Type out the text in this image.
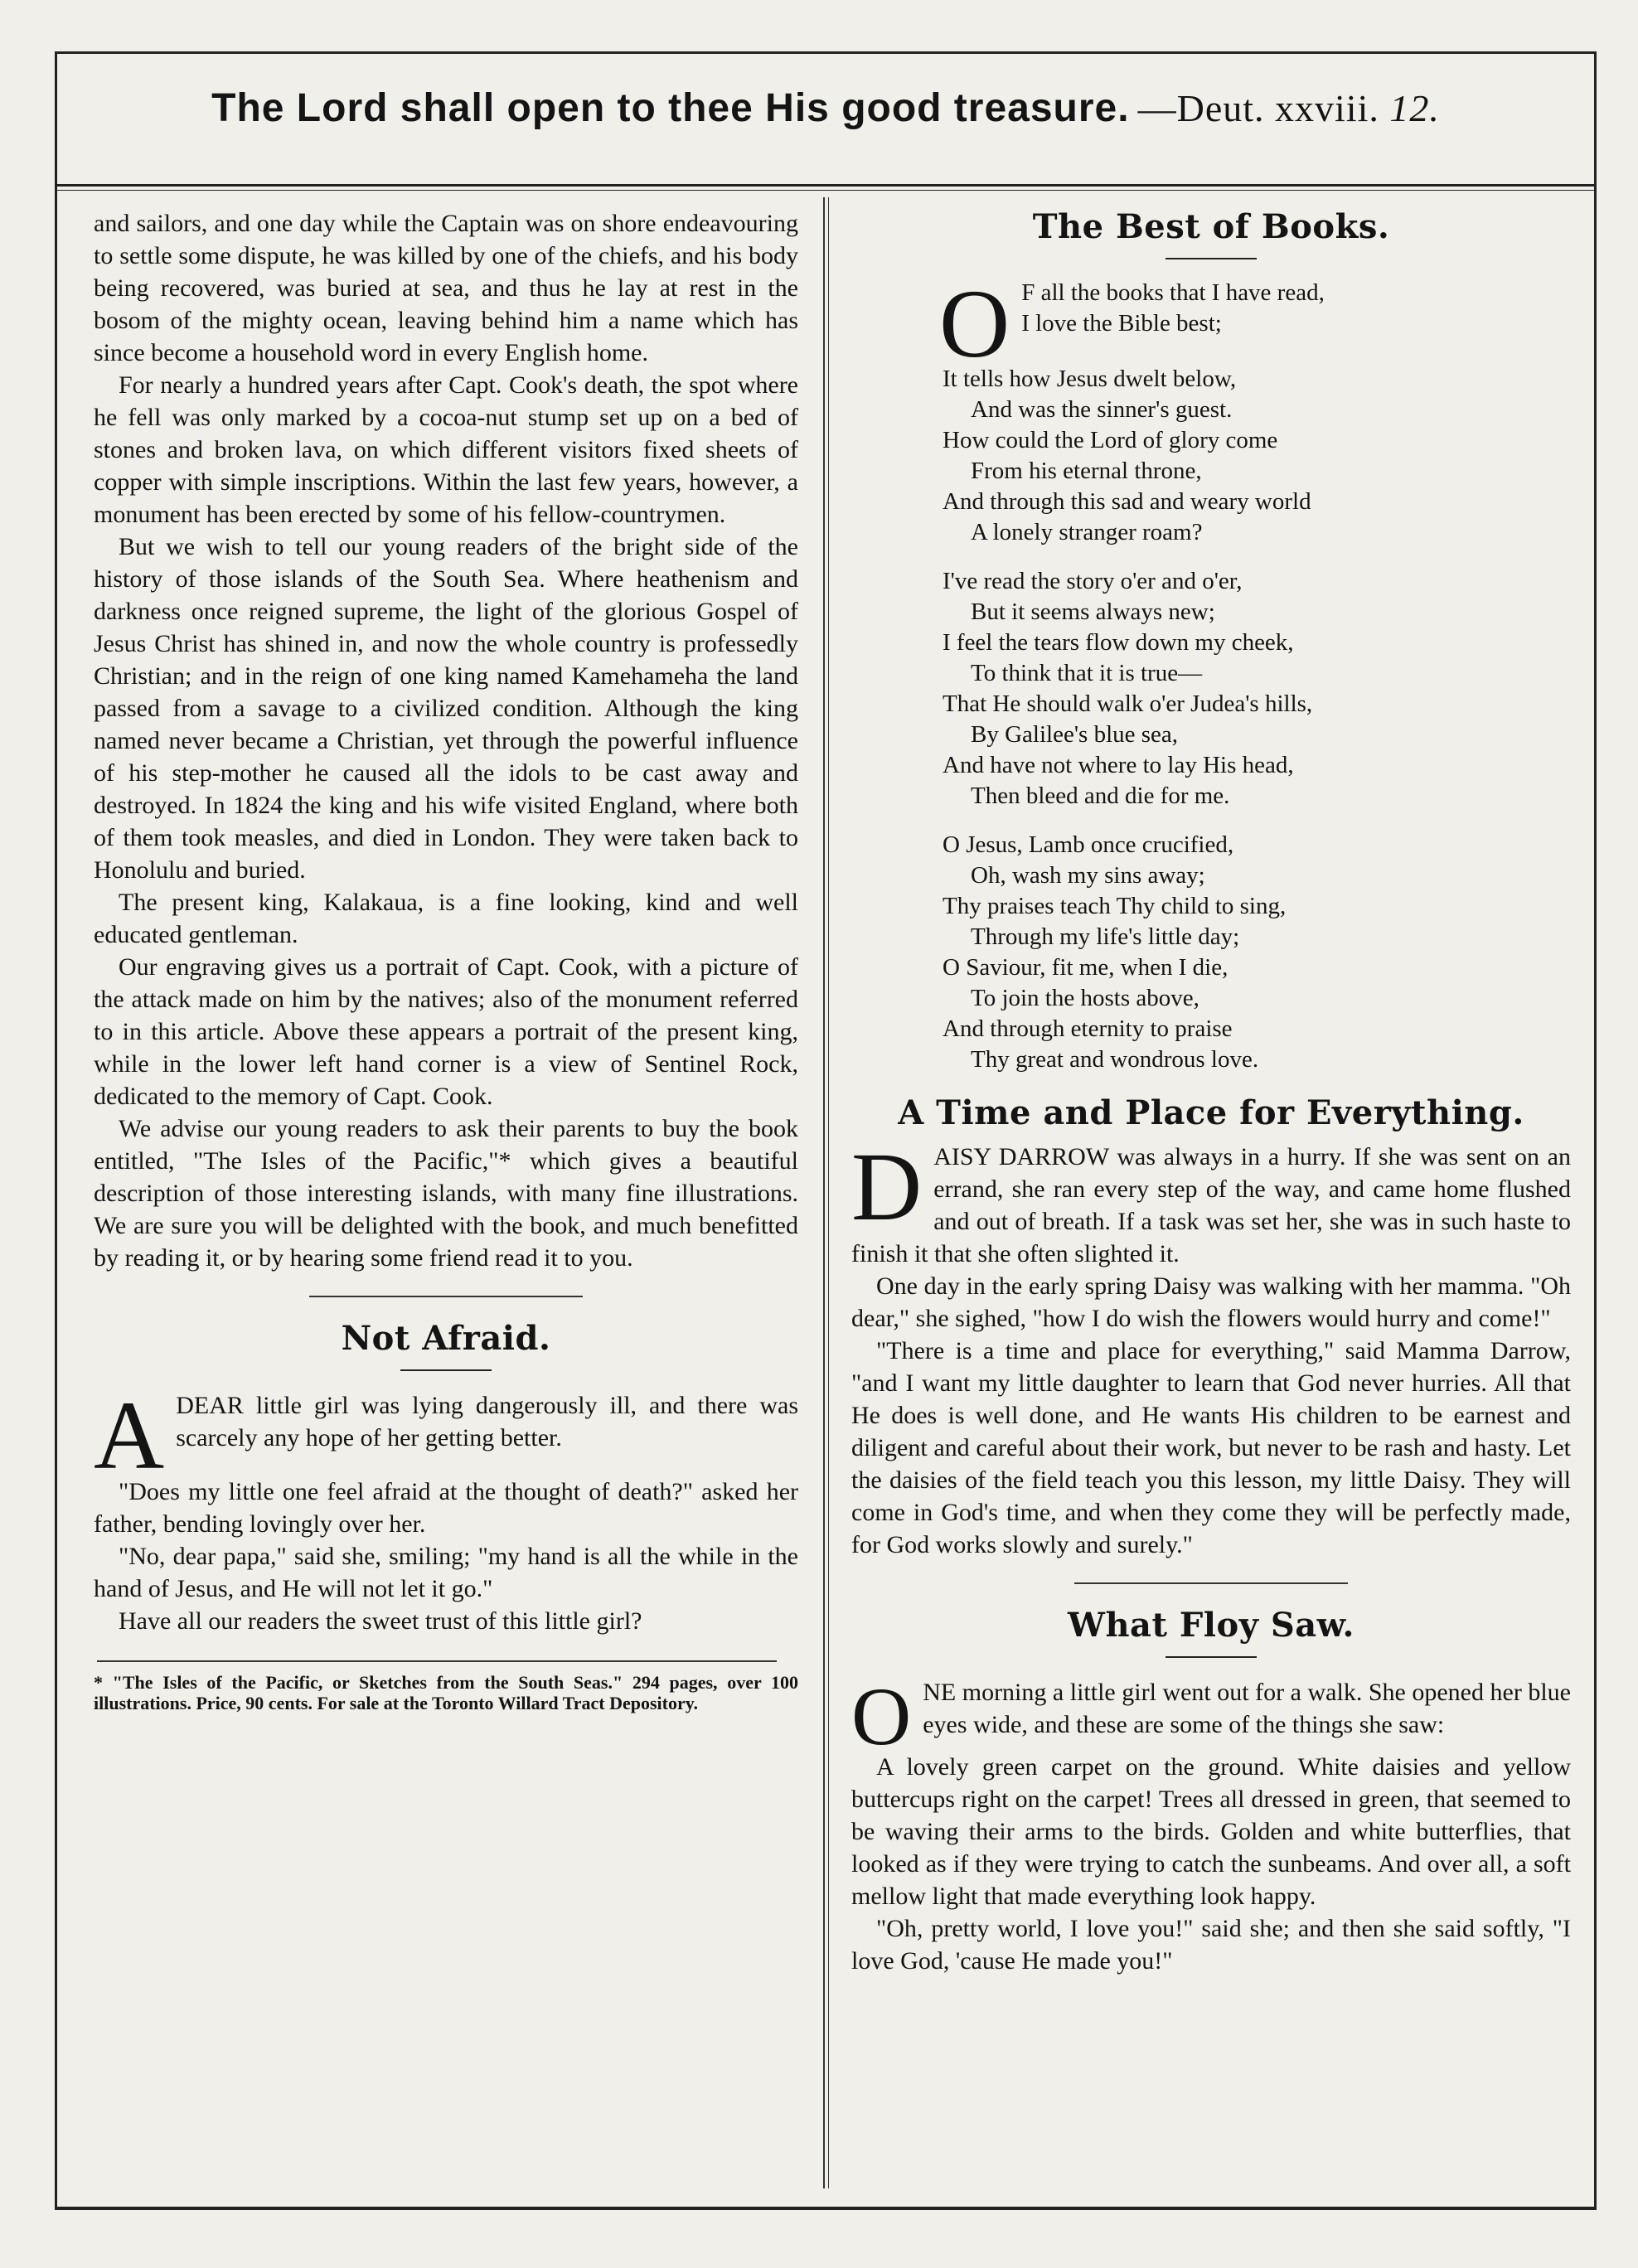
The Lord shall open to thee His good treasure. —Deut. xxviii. 12.

and sailors, and one day while the Captain was on shore endeavouring to settle some dispute, he was killed by one of the chiefs, and his body being recovered, was buried at sea, and thus he lay at rest in the bosom of the mighty ocean, leaving behind him a name which has since become a household word in every English home.

For nearly a hundred years after Capt. Cook's death, the spot where he fell was only marked by a cocoa-nut stump set up on a bed of stones and broken lava, on which different visitors fixed sheets of copper with simple inscriptions. Within the last few years, however, a monument has been erected by some of his fellow-countrymen.

But we wish to tell our young readers of the bright side of the history of those islands of the South Sea. Where heathenism and darkness once reigned supreme, the light of the glorious Gospel of Jesus Christ has shined in, and now the whole country is professedly Christian; and in the reign of one king named Kamehameha the land passed from a savage to a civilized condition. Although the king named never became a Christian, yet through the powerful influence of his step-mother he caused all the idols to be cast away and destroyed. In 1824 the king and his wife visited England, where both of them took measles, and died in London. They were taken back to Honolulu and buried.

The present king, Kalakaua, is a fine looking, kind and well educated gentleman.

Our engraving gives us a portrait of Capt. Cook, with a picture of the attack made on him by the natives; also of the monument referred to in this article. Above these appears a portrait of the present king, while in the lower left hand corner is a view of Sentinel Rock, dedicated to the memory of Capt. Cook.

We advise our young readers to ask their parents to buy the book entitled, "The Isles of the Pacific,"* which gives a beautiful description of those interesting islands, with many fine illustrations. We are sure you will be delighted with the book, and much benefitted by reading it, or by hearing some friend read it to you.

Not Afraid.
A DEAR little girl was lying dangerously ill, and there was scarcely any hope of her getting better.

"Does my little one feel afraid at the thought of death?" asked her father, bending lovingly over her.

"No, dear papa," said she, smiling; "my hand is all the while in the hand of Jesus, and He will not let it go."

Have all our readers the sweet trust of this little girl?

* "The Isles of the Pacific, or Sketches from the South Seas." 294 pages, over 100 illustrations. Price, 90 cents. For sale at the Toronto Willard Tract Depository.
The Best of Books.
O F all the books that I have read,
I love the Bible best;
It tells how Jesus dwelt below,
And was the sinner's guest.
How could the Lord of glory come
From his eternal throne,
And through this sad and weary world
A lonely stranger roam?
I've read the story o'er and o'er,
But it seems always new;
I feel the tears flow down my cheek,
To think that it is true—
That He should walk o'er Judea's hills,
By Galilee's blue sea,
And have not where to lay His head,
Then bleed and die for me.
O Jesus, Lamb once crucified,
Oh, wash my sins away;
Thy praises teach Thy child to sing,
Through my life's little day;
O Saviour, fit me, when I die,
To join the hosts above,
And through eternity to praise
Thy great and wondrous love.
A Time and Place for Everything.
D AISY DARROW was always in a hurry. If she was sent on an errand, she ran every step of the way, and came home flushed and out of breath. If a task was set her, she was in such haste to finish it that she often slighted it.

One day in the early spring Daisy was walking with her mamma. "Oh dear," she sighed, "how I do wish the flowers would hurry and come!"

"There is a time and place for everything," said Mamma Darrow, "and I want my little daughter to learn that God never hurries. All that He does is well done, and He wants His children to be earnest and diligent and careful about their work, but never to be rash and hasty. Let the daisies of the field teach you this lesson, my little Daisy. They will come in God's time, and when they come they will be perfectly made, for God works slowly and surely."

What Floy Saw.
O NE morning a little girl went out for a walk. She opened her blue eyes wide, and these are some of the things she saw:

A lovely green carpet on the ground. White daisies and yellow buttercups right on the carpet! Trees all dressed in green, that seemed to be waving their arms to the birds. Golden and white butterflies, that looked as if they were trying to catch the sunbeams. And over all, a soft mellow light that made everything look happy.

"Oh, pretty world, I love you!" said she; and then she said softly, "I love God, 'cause He made you!"
